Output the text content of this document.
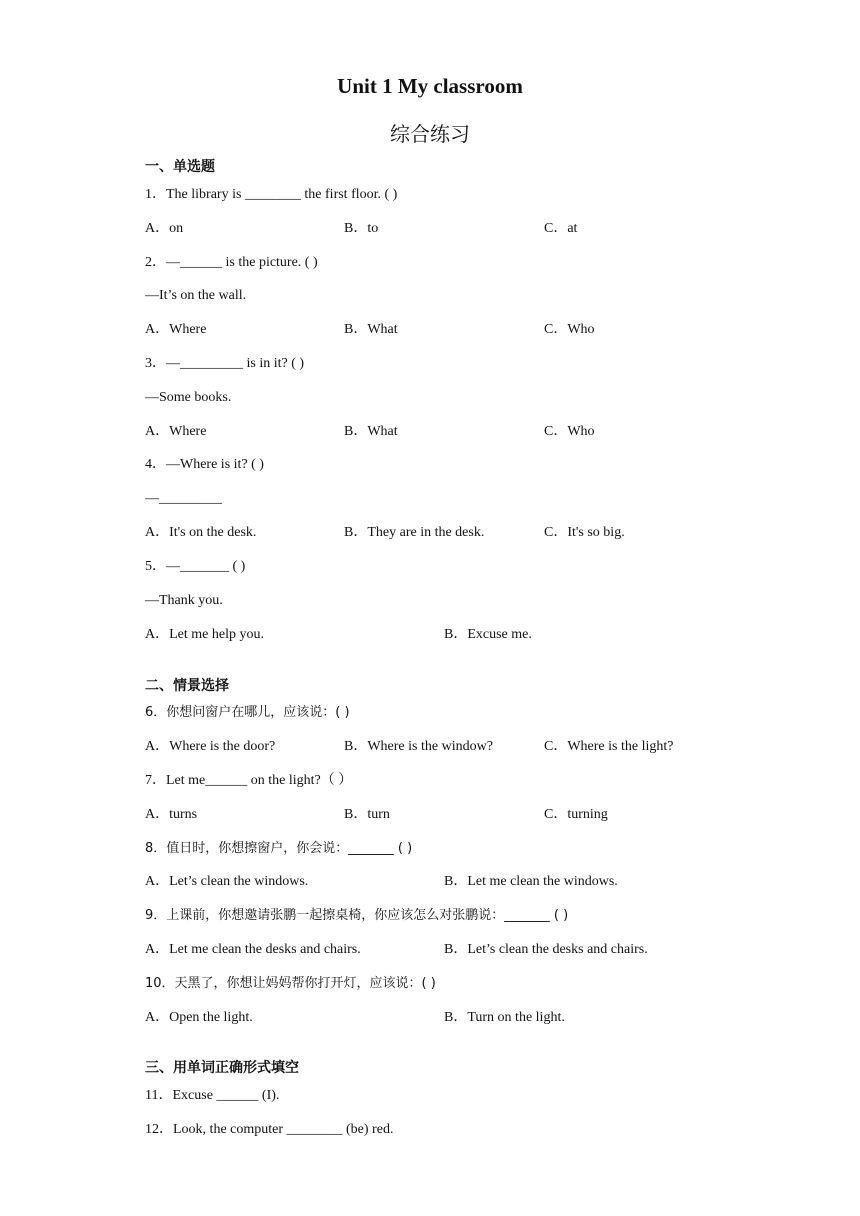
Unit 1 My classroom
综合练习
一、单选题
1．The library is ________ the first floor. ( )
A．on	B．to	C．at
2．—______ is the picture. ( )
—It’s on the wall.
A．Where	B．What	C．Who
3．—_________ is in it? ( )
—Some books.
A．Where	B．What	C．Who
4．—Where is it? ( )
—_________
A．It's on the desk.	B．They are in the desk.	C．It's so big.
5．—_______ ( )
—Thank you.
A．Let me help you.	B．Excuse me.
二、情景选择
6．你想问窗户在哪儿，应该说：( )
A．Where is the door?	B．Where is the window?	C．Where is the light?
7．Let me______ on the light?（ ）
A．turns	B．turn	C．turning
8．值日时，你想擦窗户，你会说：_______ ( )
A．Let’s clean the windows.	B．Let me clean the windows.
9．上课前，你想邀请张鹏一起擦桌椅，你应该怎么对张鹏说：_______ ( )
A．Let me clean the desks and chairs.	B．Let’s clean the desks and chairs.
10．天黑了，你想让妈妈帮你打开灯，应该说：( )
A．Open the light.	B．Turn on the light.
三、用单词正确形式填空
11．Excuse ______ (I).
12．Look, the computer ________ (be) red.
